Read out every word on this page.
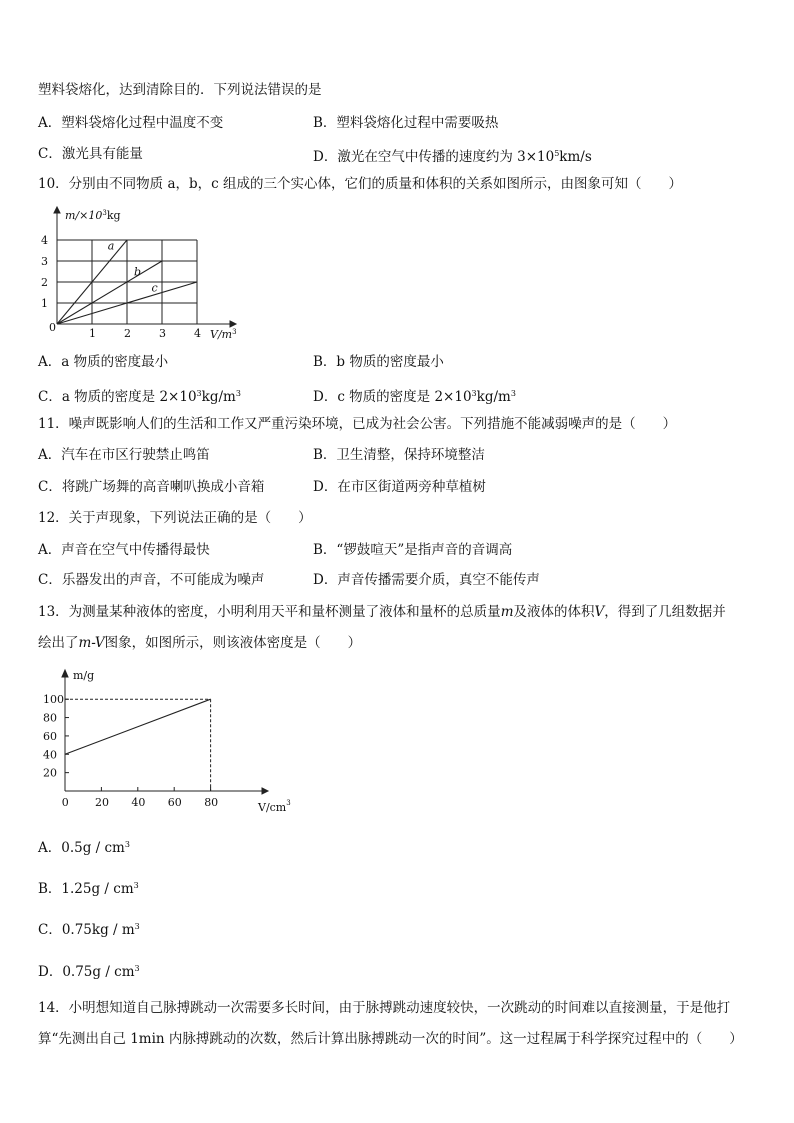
塑料袋熔化，达到清除目的．下列说法错误的是
A．塑料袋熔化过程中温度不变	B．塑料袋熔化过程中需要吸热
C．激光具有能量	D．激光在空气中传播的速度约为 $3\times 10^5km/s$
10．分别由不同物质 a，b，c 组成的三个实心体，它们的质量和体积的关系如图所示，由图象可知（　　）
a
b
c
0	1	2	3	4
1
2
3
4
$m/\times 10^3kg$
$V/m^3$
A．a 物质的密度最小	B．b 物质的密度最小
C．a 物质的密度是 $2\times 10^3kg/m^3$	D．c 物质的密度是 $2\times 10^3kg/m^3$
11．噪声既影响人们的生活和工作又严重污染环境，已成为社会公害。下列措施不能减弱噪声的是（　　）
A．汽车在市区行驶禁止鸣笛	B．卫生清整，保持环境整洁
C．将跳广场舞的高音喇叭换成小音箱	D．在市区街道两旁种草植树
12．关于声现象，下列说法正确的是（　　）
A．声音在空气中传播得最快	B．“锣鼓喧天”是指声音的音调高
C．乐器发出的声音，不可能成为噪声	D．声音传播需要介质，真空不能传声
13．为测量某种液体的密度，小明利用天平和量杯测量了液体和量杯的总质量m及液体的体积V，得到了几组数据并
绘出了m-V图象，如图所示，则该液体密度是（　　）
0 20 40 60 80
20
40
60
80
100
m/g
$V/cm^3$
A．$0.5g / cm^3$
B．$1.25g / cm^3$
C．$0.75kg / m^3$
D．$0.75g / cm^3$
14．小明想知道自己脉搏跳动一次需要多长时间，由于脉搏跳动速度较快，一次跳动的时间难以直接测量，于是他打
算“先测出自己 1min 内脉搏跳动的次数，然后计算出脉搏跳动一次的时间”。这一过程属于科学探究过程中的（　　）
